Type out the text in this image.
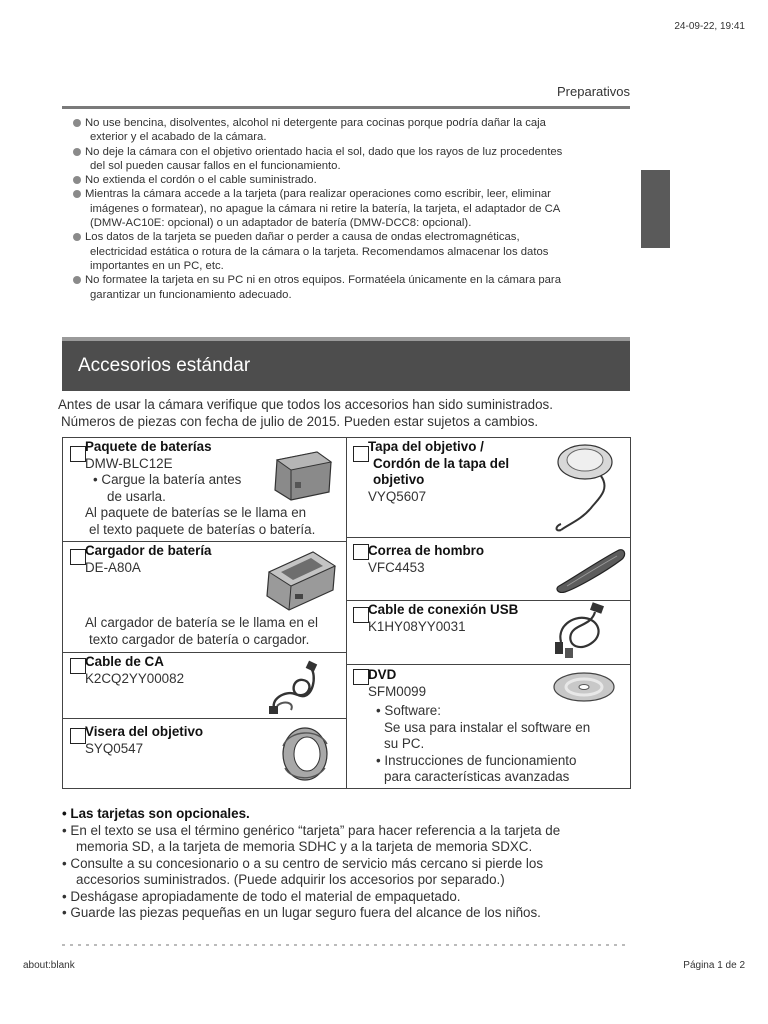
24-09-22, 19:41
Preparativos
No use bencina, disolventes, alcohol ni detergente para cocinas porque podría dañar la caja
exterior y el acabado de la cámara.
No deje la cámara con el objetivo orientado hacia el sol, dado que los rayos de luz procedentes
del sol pueden causar fallos en el funcionamiento.
No extienda el cordón o el cable suministrado.
Mientras la cámara accede a la tarjeta (para realizar operaciones como escribir, leer, eliminar
imágenes o formatear), no apague la cámara ni retire la batería, la tarjeta, el adaptador de CA
(DMW-AC10E: opcional) o un adaptador de batería (DMW-DCC8: opcional).
Los datos de la tarjeta se pueden dañar o perder a causa de ondas electromagnéticas,
electricidad estática o rotura de la cámara o la tarjeta. Recomendamos almacenar los datos
importantes en un PC, etc.
No formatee la tarjeta en su PC ni en otros equipos. Formatéela únicamente en la cámara para
garantizar un funcionamiento adecuado.
Accesorios estándar
Antes de usar la cámara verifique que todos los accesorios han sido suministrados.
Números de piezas con fecha de julio de 2015. Pueden estar sujetos a cambios.
Paquete de baterías
DMW-BLC12E
• Cargue la batería antes
de usarla.
Al paquete de baterías se le llama en
el texto paquete de baterías o batería.
Cargador de batería
DE-A80A
Al cargador de batería se le llama en el
texto cargador de batería o cargador.
Cable de CA
K2CQ2YY00082
Visera del objetivo
SYQ0547
Tapa del objetivo /
Cordón de la tapa del
objetivo
VYQ5607
Correa de hombro
VFC4453
Cable de conexión USB
K1HY08YY0031
DVD
SFM0099
• Software:
Se usa para instalar el software en
su PC.
• Instrucciones de funcionamiento
para características avanzadas
• Las tarjetas son opcionales.
• En el texto se usa el término genérico “tarjeta” para hacer referencia a la tarjeta de
memoria SD, a la tarjeta de memoria SDHC y a la tarjeta de memoria SDXC.
• Consulte a su concesionario o a su centro de servicio más cercano si pierde los
accesorios suministrados. (Puede adquirir los accesorios por separado.)
• Deshágase apropiadamente de todo el material de empaquetado.
• Guarde las piezas pequeñas en un lugar seguro fuera del alcance de los niños.
about:blank	Página 1 de 2
